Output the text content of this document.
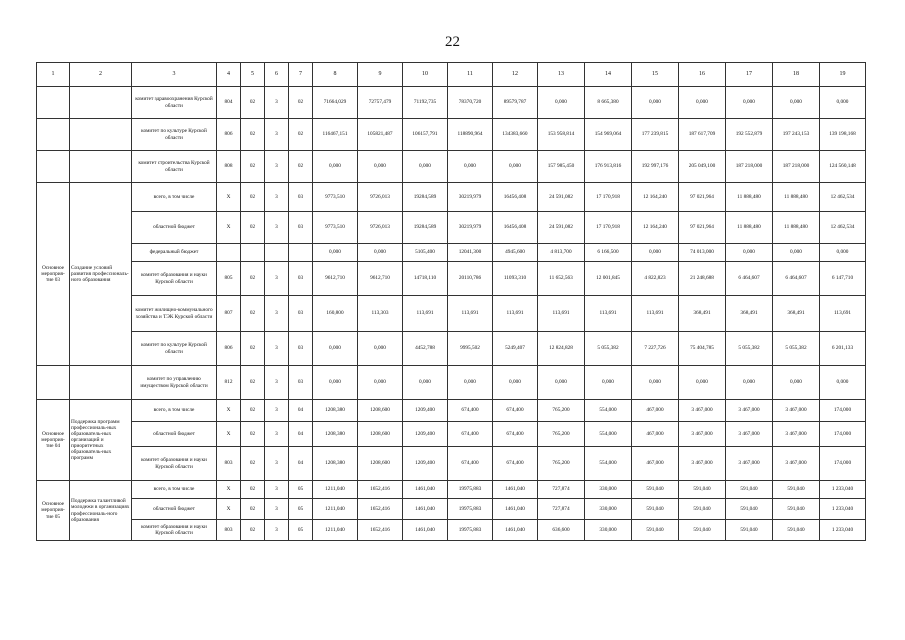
22
1	2	3	4	5	6	7	8	9	10	11	12	13	14	15	16	17	18	19
		комитет здравоохранения Курской области	804	02	3	02	71664,029	72757,479	71192,735	78370,720	89579,787	0,000	8 665,380	0,000	0,000	0,000	0,000	0,000
		комитет по культуре Курской области	806	02	3	02	116467,151	105821,487	106157,791	118890,964	134383,660	153 958,814	154 969,064	177 239,815	187 617,709	192 552,879	197 243,153	139 198,168
		комитет строительства Курской области	808	02	3	02	0,000	0,000	0,000	0,000	0,000	157 985,450	176 913,816	192 997,176	205 049,100	187 218,000	187 218,000	124 560,148
Основное мероприя-тие 03	Создание условий развития профессиональ-ного образования	всего, в том числе	X	02	3	03	9773,510	9726,013	19284,589	30219,979	16456,408	24 591,082	17 170,918	12 164,240	97 021,964	11 888,480	11 888,480	12 462,534
		областной бюджет	X	02	3	03	9773,510	9726,013	19284,589	30219,979	16456,408	24 591,082	17 170,918	12 164,240	97 021,964	11 888,480	11 888,480	12 462,534
		федеральный бюджет					0,000	0,000	5105,400	12041,300	4945,600	4 813,700	6 166,500	0,000	74 013,000	0,000	0,000	0,000
		комитет образования и науки Курской области	805	02	3	03	9612,710	9612,710	14718,110	20110,786	11093,310	11 652,563	12 001,845	4 822,823	21 248,688	6 464,607	6 464,607	6 147,710
		комитет жилищно-коммунального хозяйства и ТЭК Курской области	807	02	3	03	160,800	113,303	113,691	113,691	113,691	113,691	113,691	113,691	368,491	368,491	368,491	113,691
		комитет по культуре Курской области	806	02	3	03	0,000	0,000	4452,788	9995,502	5249,407	12 824,828	5 055,382	7 227,726	75 404,785	5 055,382	5 055,382	6 201,133
		комитет по управлению имуществом Курской области	812	02	3	03	0,000	0,000	0,000	0,000	0,000	0,000	0,000	0,000	0,000	0,000	0,000	0,000
Основное мероприя-тие 04	Поддержка программ профессиональ-ных образователь-ных организаций и приоритетных образователь-ных программ	всего, в том числе	X	02	3	04	1208,380	1208,600	1209,400	674,400	674,400	765,200	554,000	467,000	3 467,000	3 467,000	3 467,000	174,000
		областной бюджет	X	02	3	04	1208,380	1208,600	1209,400	674,400	674,400	765,200	554,000	467,000	3 467,000	3 467,000	3 467,000	174,000
		комитет образования и науки Курской области	803	02	3	04	1208,380	1208,600	1209,400	674,400	674,400	765,200	554,000	467,000	3 467,000	3 467,000	3 467,000	174,000
Основное мероприя-тие 05	Поддержка талантливой молодежи в организациях профессиональ-ного образования	всего, в том числе	X	02	3	05	1211,040	1652,416	1461,040	19975,883	1461,040	727,874	330,000	591,040	591,040	591,040	591,040	1 233,040
		областной бюджет	X	02	3	05	1211,040	1652,416	1461,040	19975,883	1461,040	727,874	330,000	591,040	591,040	591,040	591,040	1 233,040
		комитет образования и науки Курской области	803	02	3	05	1211,040	1652,416	1461,040	19975,883	1461,040	636,600	330,000	591,040	591,040	591,040	591,040	1 233,040
